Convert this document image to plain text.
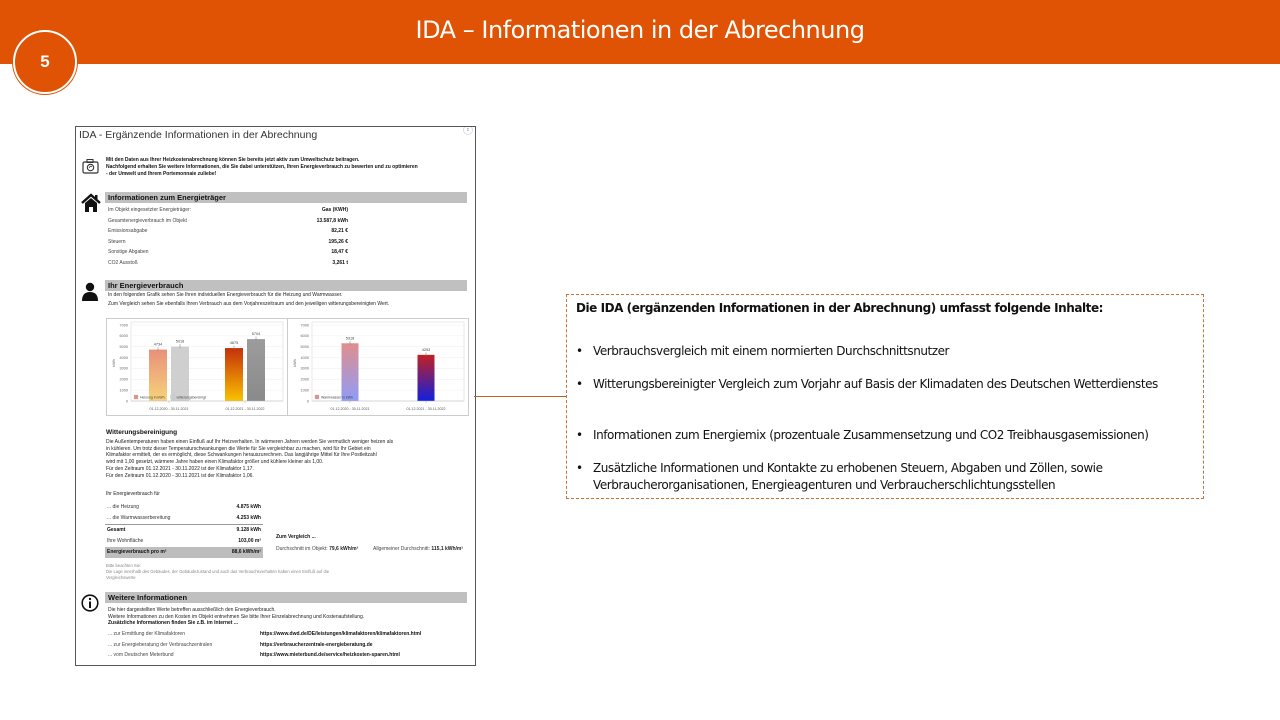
IDA – Informationen in der Abrechnung
5
IDA - Ergänzende Informationen in der Abrechnung	c
Mit den Daten aus Ihrer Heizkostenabrechnung können Sie bereits jetzt aktiv zum Umweltschutz beitragen.
Nachfolgend erhalten Sie weitere Informationen, die Sie dabei unterstützen, Ihren Energieverbrauch zu bewerten und zu optimieren
- der Umwelt und Ihrem Portemonnaie zuliebe!
Informationen zum Energieträger
Im Objekt eingesetzter Energieträger:	Gas (KWH)
Gesamtenergieverbrauch im Objekt	13.587,8 kWh
Emissionsabgabe	82,21 €
Steuern	195,26 €
Sonstige Abgaben	18,47 €
CO2 Ausstoß	3,261 t
Ihr Energieverbrauch
In den folgenden Grafik sehen Sie Ihren individuellen Energieverbrauch für die Heizung und Warmwasser.
Zum Vergleich sehen Sie ebenfalls Ihren Verbrauch aus dem Vorjahreszeitraum und den jeweiligen witterungsbereinigten Wert.
0
1000
2000
3000
4000
5000
6000
7000
kWh
4734
5018
01.12.2020 - 30.11.2021
4875
5704
01.12.2021 - 30.11.2022
Heizung in kWh	witterungsbereinigt
0
1000
2000
3000
4000
5000
6000
7000
kWh
5318
01.12.2020 - 30.11.2021
4253
01.12.2021 - 30.11.2022
Warmwasser in kWh
Witterungsbereinigung
Die Außentemperaturen haben einen Einfluß auf Ihr Heizverhalten. In wärmeren Jahren werden Sie vermutlich weniger heizen als
in kühleren. Um trotz dieser Temperaturschwankungen die Werte für Sie vergleichbar zu machen, wird für Ihr Gebiet ein
Klimafaktor ermittelt, der es ermöglicht, diese Schwankungen herauszurechnen. Das langjährige Mittel für Ihre Postleitzahl
wird mit 1,00 gesetzt, wärmere Jahre haben einen Klimafaktor größer und kühlere kleiner als 1,00.
Für den Zeitraum 01.12.2021 - 30.11.2022 ist der Klimafaktor 1,17.
Für den Zeitraum 01.12.2020 - 30.11.2021 ist der Klimafaktor 1,06.
Ihr Energieverbrauch für
... die Heizung	4.875 kWh
... die Warmwasserbereitung	4.253 kWh
Gesamt	9.128 kWh
Ihre Wohnfläche	103,00 m²
Energieverbrauch pro m²	88,6 kWh/m²
Zum Vergleich ...
Durchschnitt im Objekt: 79,6 kWh/m²	Allgemeiner Durchschnitt: 115,1 kWh/m²
Bitte beachten Sie:
Die Lage innerhalb des Gebäudes, der Gebäudezustand und auch das Verbrauchsverhalten haben einen Einfluß auf die
Vergleichswerte
Weitere Informationen
Die hier dargestellten Werte betreffen ausschließlich den Energieverbrauch.
Weitere Informationen zu den Kosten im Objekt entnehmen Sie bitte Ihrer Einzelabrechnung und Kostenaufstellung.
Zusätzliche Informationen finden Sie z.B. im Internet ...
... zur Ermittlung der Klimafaktoren	https://www.dwd.de/DE/leistungen/klimafaktoren/klimafaktoren.html
... zur Energieberatung der Verbrauchzentralen	https://verbraucherzentrale-energieberatung.de
... vom Deutschen Meterbund	https://www.mieterbund.de/service/heizkosten-sparen.html
Die IDA (ergänzenden Informationen in der Abrechnung) umfasst folgende Inhalte:
• Verbrauchsvergleich mit einem normierten Durchschnittsnutzer
• Witterungsbereinigter Vergleich zum Vorjahr auf Basis der Klimadaten des Deutschen Wetterdienstes
• Informationen zum Energiemix (prozentuale Zusammensetzung und CO2 Treibhausgasemissionen)
• Zusätzliche Informationen und Kontakte zu erhobenen Steuern, Abgaben und Zöllen, sowie Verbraucherorganisationen, Energieagenturen und Verbraucherschlichtungsstellen
